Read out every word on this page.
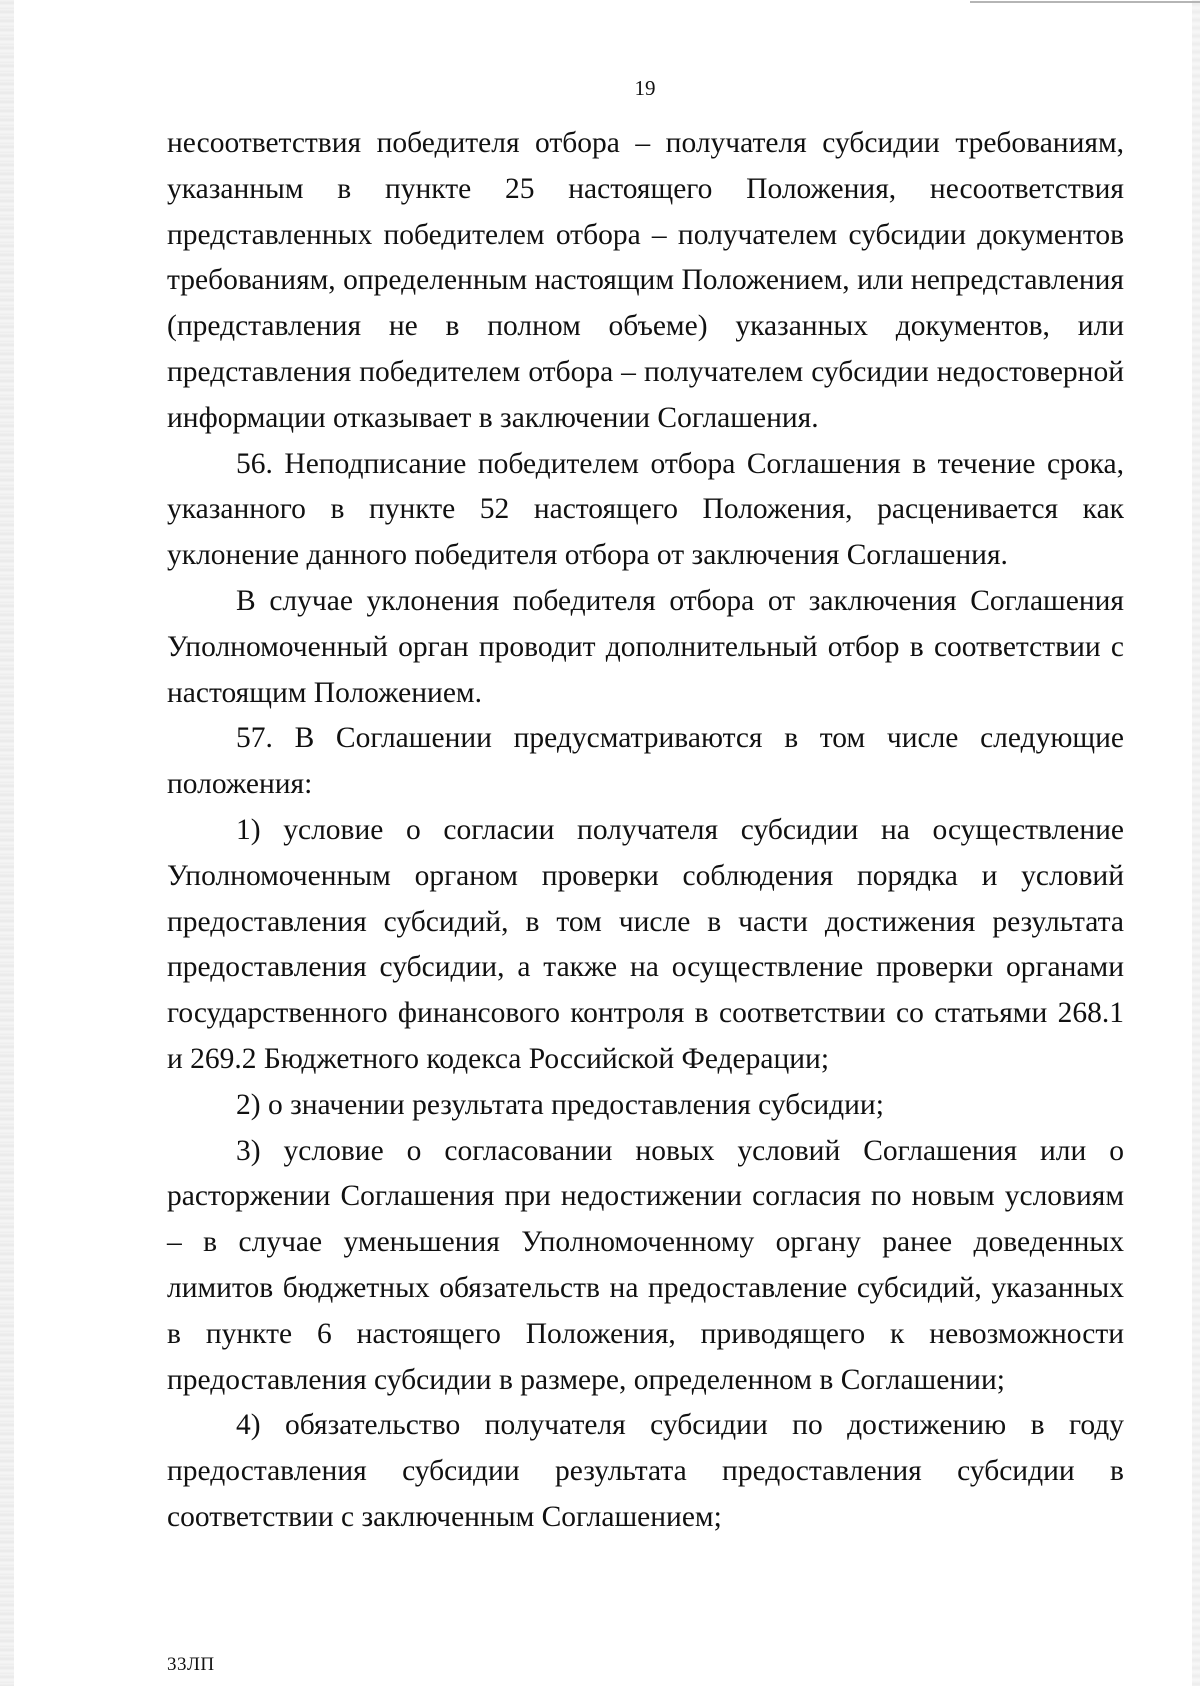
19

несоответствия победителя отбора – получателя субсидии требованиям, указанным в пункте 25 настоящего Положения, несоответствия представленных победителем отбора – получателем субсидии документов требованиям, определенным настоящим Положением, или непредставления (представления не в полном объеме) указанных документов, или представления победителем отбора – получателем субсидии недостоверной информации отказывает в заключении Соглашения.

56. Неподписание победителем отбора Соглашения в течение срока, указанного в пункте 52 настоящего Положения, расценивается как уклонение данного победителя отбора от заключения Соглашения.

В случае уклонения победителя отбора от заключения Соглашения Уполномоченный орган проводит дополнительный отбор в соответствии с настоящим Положением.

57. В Соглашении предусматриваются в том числе следующие положения:

1) условие о согласии получателя субсидии на осуществление Уполномоченным органом проверки соблюдения порядка и условий предоставления субсидий, в том числе в части достижения результата предоставления субсидии, а также на осуществление проверки органами государственного финансового контроля в соответствии со статьями 268.1 и 269.2 Бюджетного кодекса Российской Федерации;

2) о значении результата предоставления субсидии;

3) условие о согласовании новых условий Соглашения или о расторжении Соглашения при недостижении согласия по новым условиям – в случае уменьшения Уполномоченному органу ранее доведенных лимитов бюджетных обязательств на предоставление субсидий, указанных в пункте 6 настоящего Положения, приводящего к невозможности предоставления субсидии в размере, определенном в Соглашении;

4) обязательство получателя субсидии по достижению в году предоставления субсидии результата предоставления субсидии в соответствии с заключенным Соглашением;

33ЛП
